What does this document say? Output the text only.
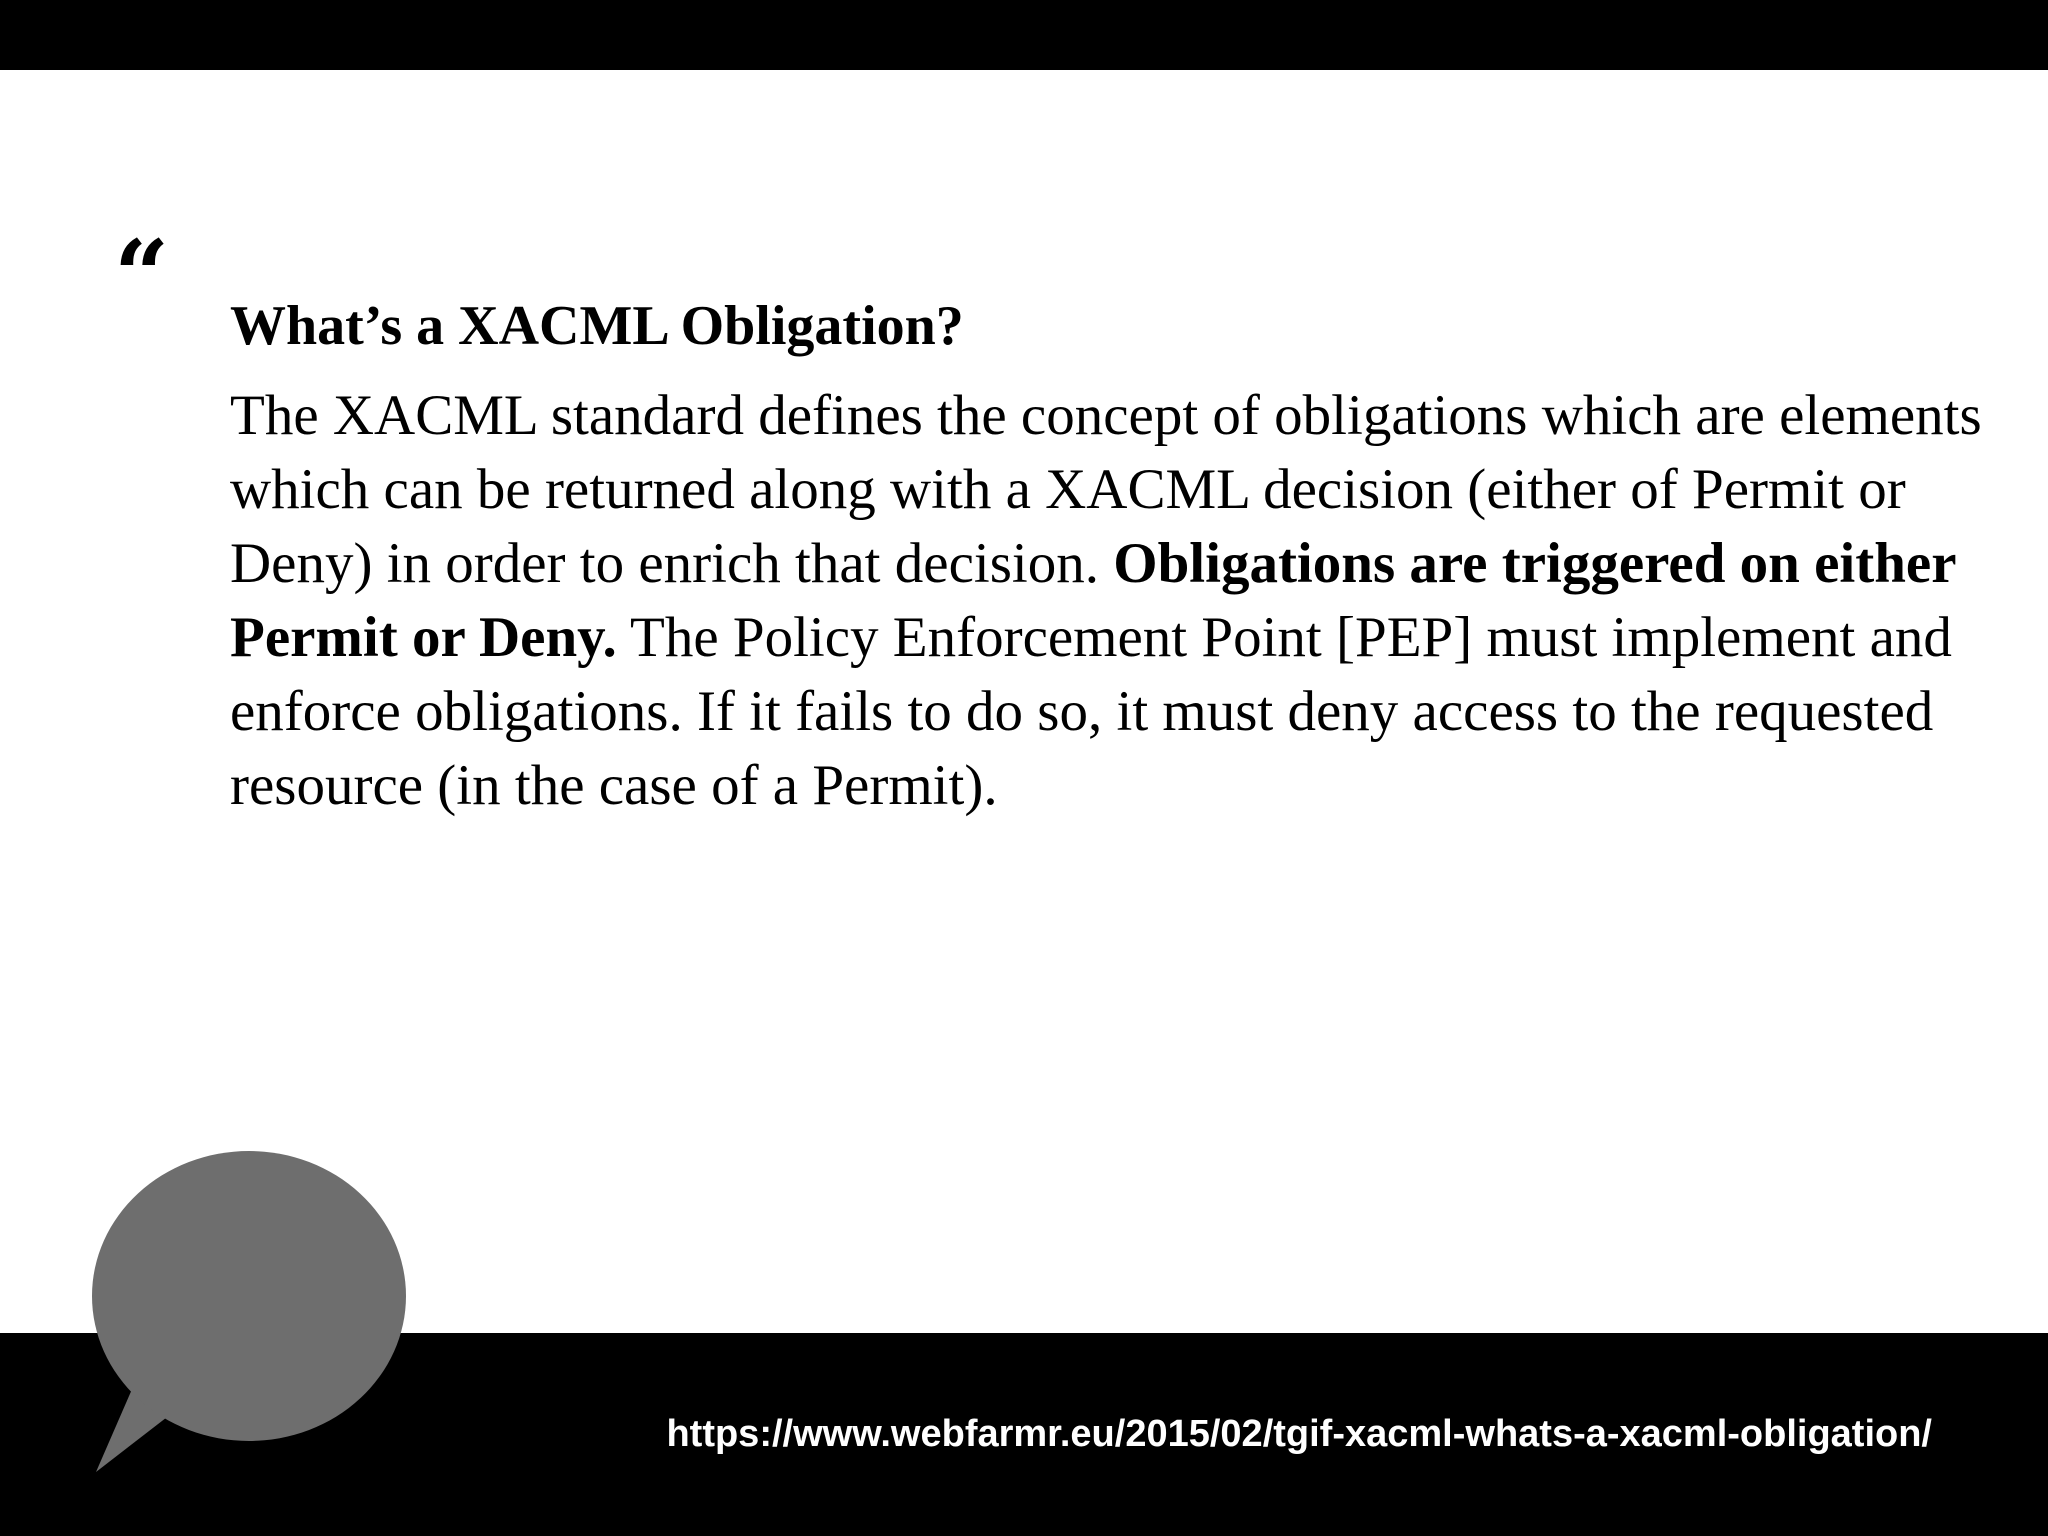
“ What’s a XACML Obligation?

The XACML standard defines the concept of obligations which are elements which can be returned along with a XACML decision (either of Permit or Deny) in order to enrich that decision. Obligations are triggered on either Permit or Deny. The Policy Enforcement Point [PEP] must implement and enforce obligations. If it fails to do so, it must deny access to the requested resource (in the case of a Permit).

https://www.webfarmr.eu/2015/02/tgif-xacml-whats-a-xacml-obligation/
